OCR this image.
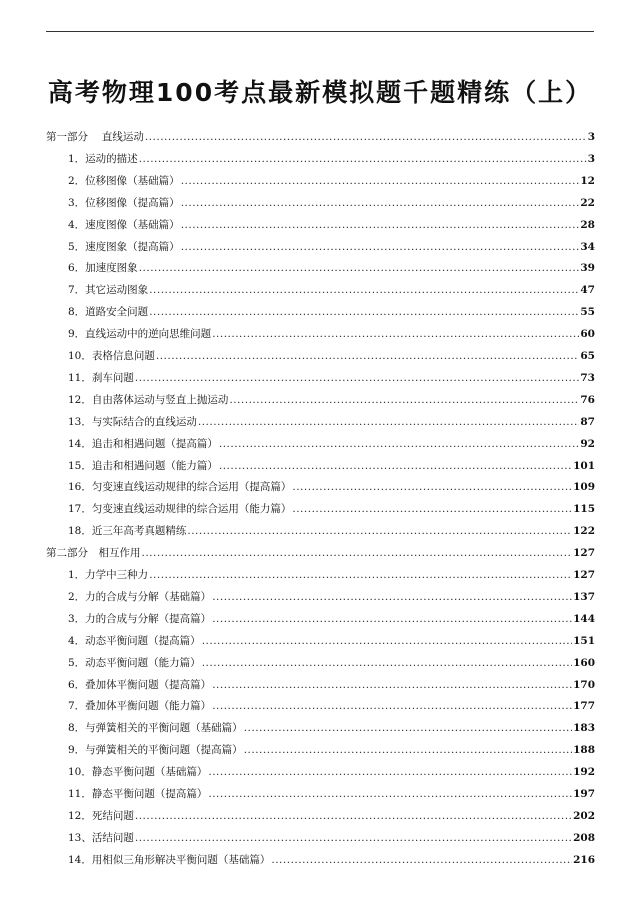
高考物理100考点最新模拟题千题精练（上）
第一部分　 直线运动 .....	3
1．运动的描述 .....	3
2．位移图像（基础篇） .....	12
3．位移图像（提高篇） .....	22
4．速度图像（基础篇） .....	28
5．速度图象（提高篇） .....	34
6．加速度图象 .....	39
7．其它运动图象 .....	47
8．道路安全问题 .....	55
9．直线运动中的逆向思维问题 .....	60
10．表格信息问题 .....	65
11．刹车问题 .....	73
12．自由落体运动与竖直上抛运动 .....	76
13．与实际结合的直线运动 .....	87
14．追击和相遇问题（提高篇） .....	92
15．追击和相遇问题（能力篇） .....	101
16．匀变速直线运动规律的综合运用（提高篇） .....	109
17．匀变速直线运动规律的综合运用（能力篇） .....	115
18．近三年高考真题精练 .....	122
第二部分　相互作用 .....	127
1．力学中三种力 .....	127
2．力的合成与分解（基础篇） .....	137
3．力的合成与分解（提高篇） .....	144
4．动态平衡问题（提高篇） .....	151
5．动态平衡问题（能力篇） .....	160
6．叠加体平衡问题（提高篇） .....	170
7．叠加体平衡问题（能力篇） .....	177
8．与弹簧相关的平衡问题（基础篇） .....	183
9．与弹簧相关的平衡问题（提高篇） .....	188
10．静态平衡问题（基础篇） .....	192
11．静态平衡问题（提高篇） .....	197
12．死结问题 .....	202
13、活结问题 .....	208
14．用相似三角形解决平衡问题（基础篇） .....	216
